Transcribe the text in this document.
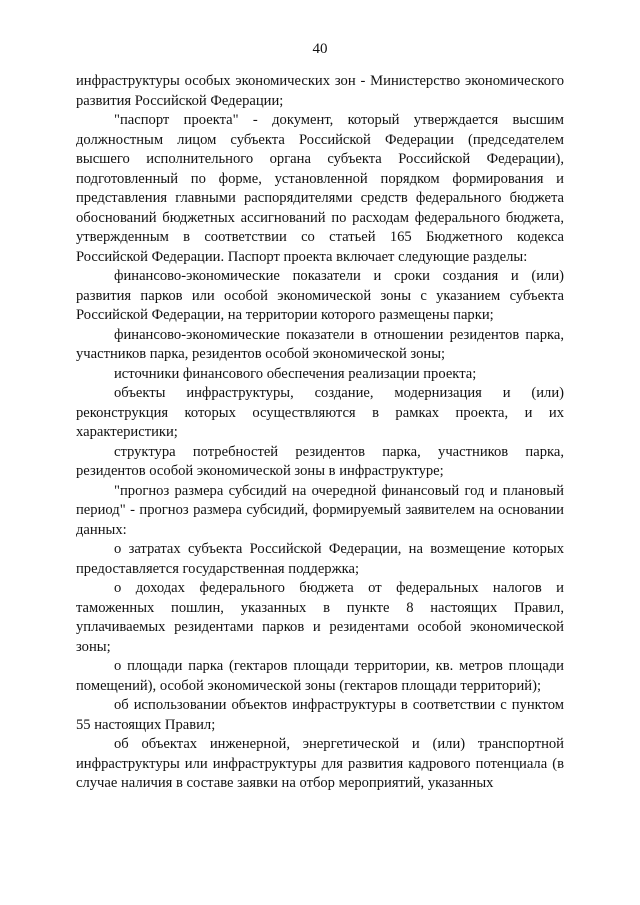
40

инфраструктуры особых экономических зон - Министерство экономического развития Российской Федерации;

"паспорт проекта" - документ, который утверждается высшим должностным лицом субъекта Российской Федерации (председателем высшего исполнительного органа субъекта Российской Федерации), подготовленный по форме, установленной порядком формирования и представления главными распорядителями средств федерального бюджета обоснований бюджетных ассигнований по расходам федерального бюджета, утвержденным в соответствии со статьей 165 Бюджетного кодекса Российской Федерации. Паспорт проекта включает следующие разделы:

финансово-экономические показатели и сроки создания и (или) развития парков или особой экономической зоны с указанием субъекта Российской Федерации, на территории которого размещены парки;

финансово-экономические показатели в отношении резидентов парка, участников парка, резидентов особой экономической зоны;

источники финансового обеспечения реализации проекта;

объекты инфраструктуры, создание, модернизация и (или) реконструкция которых осуществляются в рамках проекта, и их характеристики;

структура потребностей резидентов парка, участников парка, резидентов особой экономической зоны в инфраструктуре;

"прогноз размера субсидий на очередной финансовый год и плановый период" - прогноз размера субсидий, формируемый заявителем на основании данных:

о затратах субъекта Российской Федерации, на возмещение которых предоставляется государственная поддержка;

о доходах федерального бюджета от федеральных налогов и таможенных пошлин, указанных в пункте 8 настоящих Правил, уплачиваемых резидентами парков и резидентами особой экономической зоны;

о площади парка (гектаров площади территории, кв. метров площади помещений), особой экономической зоны (гектаров площади территорий);

об использовании объектов инфраструктуры в соответствии с пунктом 55 настоящих Правил;

об объектах инженерной, энергетической и (или) транспортной инфраструктуры или инфраструктуры для развития кадрового потенциала (в случае наличия в составе заявки на отбор мероприятий, указанных
